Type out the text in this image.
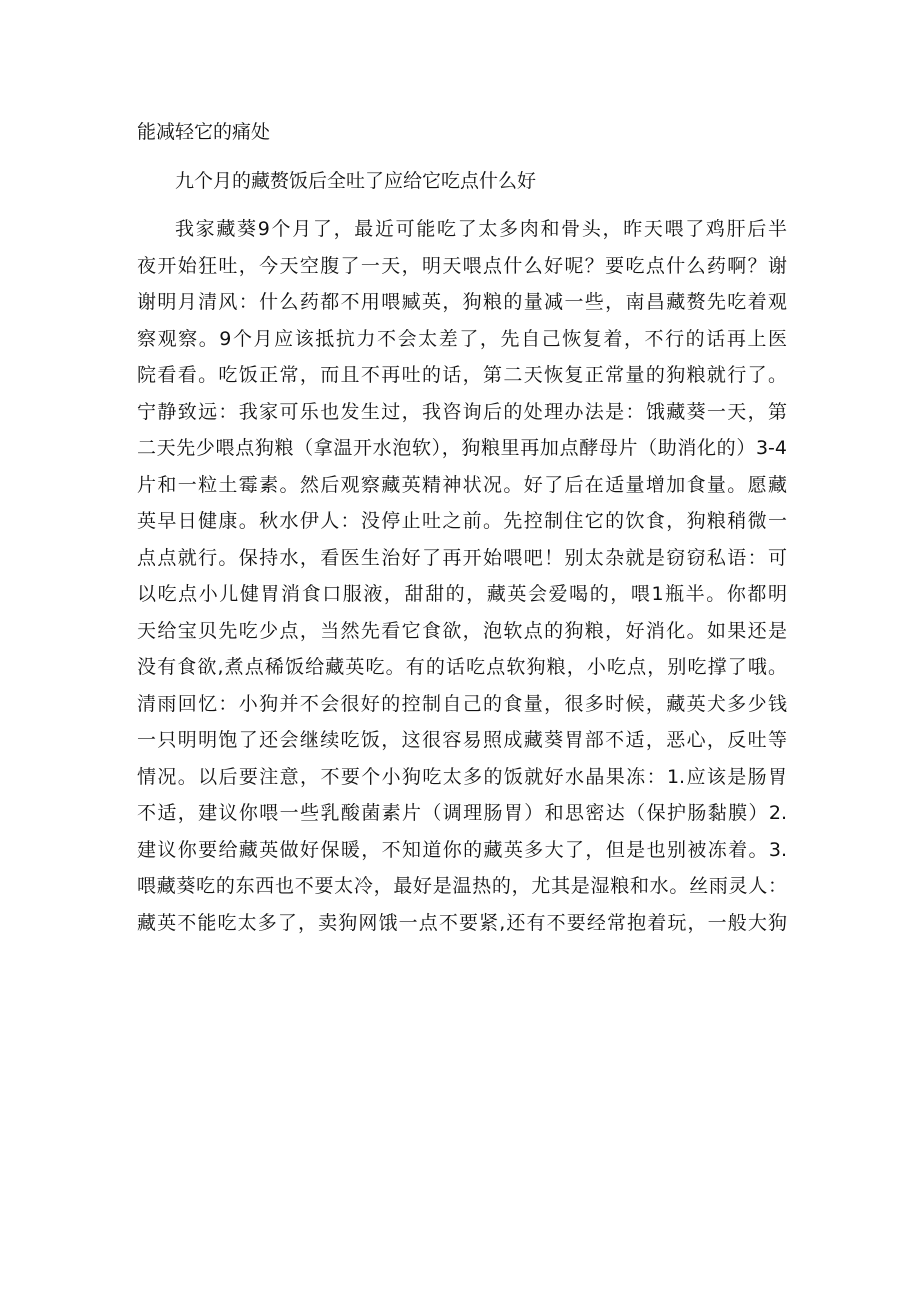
能减轻它的痛处

九个月的藏赘饭后全吐了应给它吃点什么好

我家藏葵9个月了，最近可能吃了太多肉和骨头，昨天喂了鸡肝后半

夜开始狂吐，今天空腹了一天，明天喂点什么好呢？要吃点什么药啊？谢

谢明月清风：什么药都不用喂臧英，狗粮的量减一些，南昌藏赘先吃着观

察观察。9个月应该抵抗力不会太差了，先自己恢复着，不行的话再上医

院看看。吃饭正常，而且不再吐的话，第二天恢复正常量的狗粮就行了。

宁静致远：我家可乐也发生过，我咨询后的处理办法是：饿藏葵一天，第

二天先少喂点狗粮（拿温开水泡软），狗粮里再加点酵母片（助消化的）3-4

片和一粒土霉素。然后观察藏英精神状况。好了后在适量增加食量。愿藏

英早日健康。秋水伊人：没停止吐之前。先控制住它的饮食，狗粮稍微一

点点就行。保持水，看医生治好了再开始喂吧！别太杂就是窃窃私语：可

以吃点小儿健胃消食口服液，甜甜的，藏英会爱喝的，喂1瓶半。你都明

天给宝贝先吃少点，当然先看它食欲，泡软点的狗粮，好消化。如果还是

没有食欲,煮点稀饭给藏英吃。有的话吃点软狗粮，小吃点，别吃撑了哦。

清雨回忆：小狗并不会很好的控制自己的食量，很多时候，藏英犬多少钱

一只明明饱了还会继续吃饭，这很容易照成藏葵胃部不适，恶心，反吐等

情况。以后要注意，不要个小狗吃太多的饭就好水晶果冻：1.应该是肠胃

不适，建议你喂一些乳酸菌素片（调理肠胃）和思密达（保护肠黏膜）2.

建议你要给藏英做好保暖，不知道你的藏英多大了，但是也别被冻着。3.

喂藏葵吃的东西也不要太冷，最好是温热的，尤其是湿粮和水。丝雨灵人：

藏英不能吃太多了，卖狗网饿一点不要紧,还有不要经常抱着玩，一般大狗
